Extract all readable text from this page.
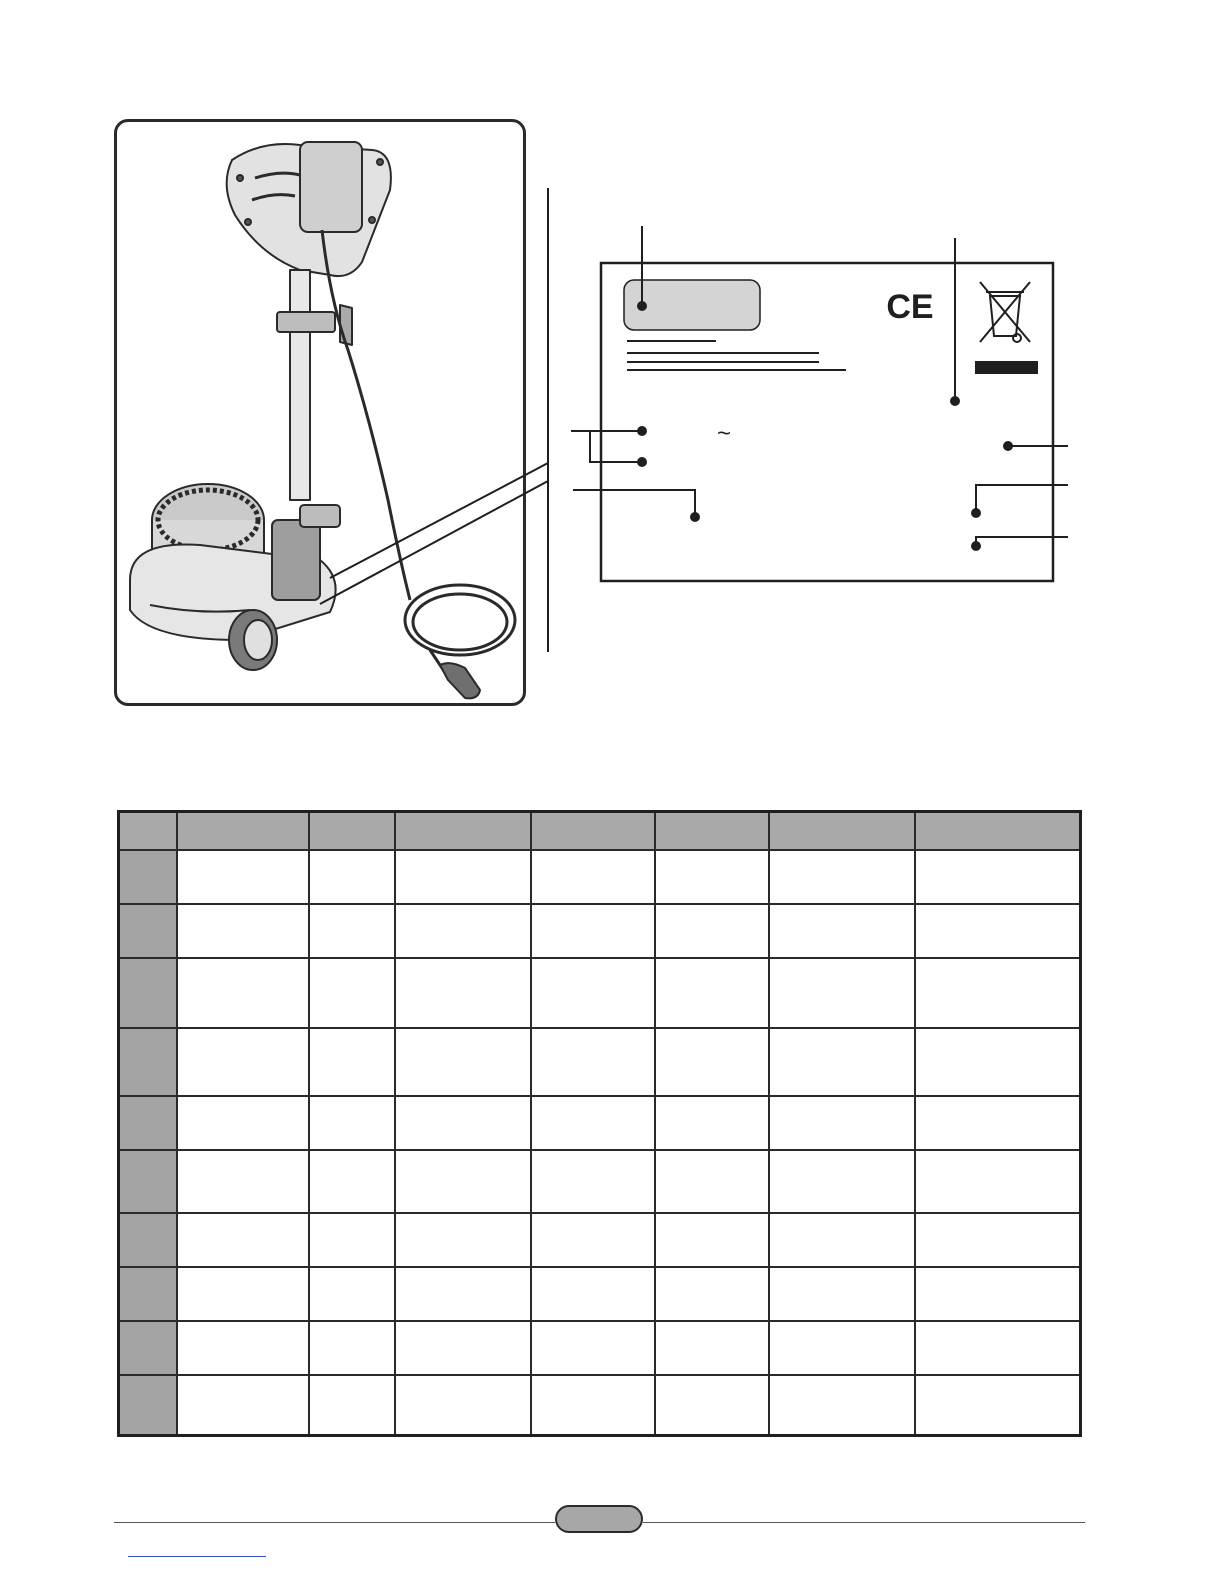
CE
~
